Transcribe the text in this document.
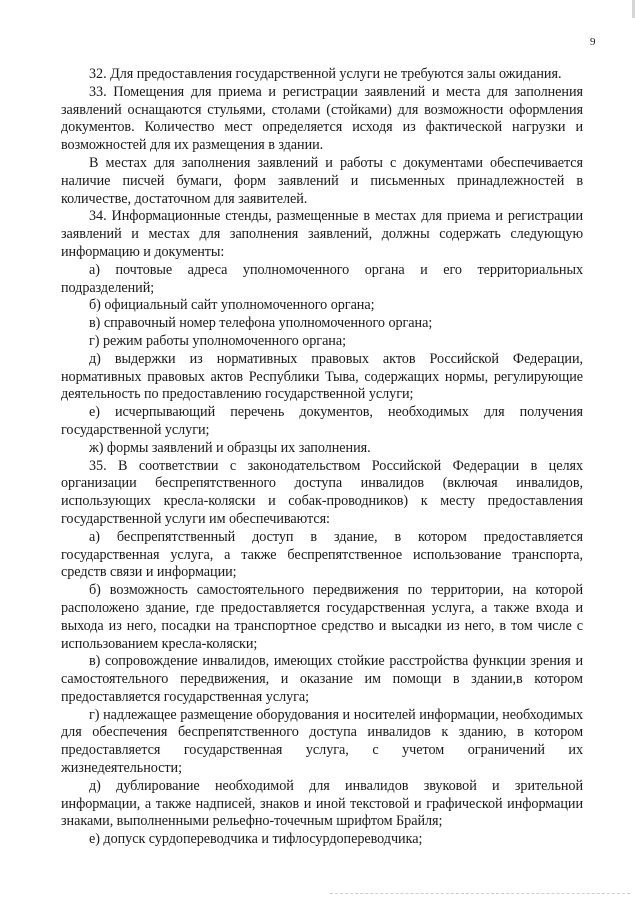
9

32. Для предоставления государственной услуги не требуются залы ожидания.

33. Помещения для приема и регистрации заявлений и места для заполнения заявлений оснащаются стульями, столами (стойками) для возможности оформления документов. Количество мест определяется исходя из фактической нагрузки и возможностей для их размещения в здании.

В местах для заполнения заявлений и работы с документами обеспечивается наличие писчей бумаги, форм заявлений и письменных принадлежностей в количестве, достаточном для заявителей.

34. Информационные стенды, размещенные в местах для приема и регистрации заявлений и местах для заполнения заявлений, должны содержать следующую информацию и документы:

а) почтовые адреса уполномоченного органа и его территориальных подразделений;

б) официальный сайт уполномоченного органа;

в) справочный номер телефона уполномоченного органа;

г) режим работы уполномоченного органа;

д) выдержки из нормативных правовых актов Российской Федерации, нормативных правовых актов Республики Тыва, содержащих нормы, регулирующие деятельность по предоставлению государственной услуги;

е) исчерпывающий перечень документов, необходимых для получения государственной услуги;

ж) формы заявлений и образцы их заполнения.

35. В соответствии с законодательством Российской Федерации в целях организации беспрепятственного доступа инвалидов (включая инвалидов, использующих кресла-коляски и собак-проводников) к месту предоставления государственной услуги им обеспечиваются:

а) беспрепятственный доступ в здание, в котором предоставляется государственная услуга, а также беспрепятственное использование транспорта, средств связи и информации;

б) возможность самостоятельного передвижения по территории, на которой расположено здание, где предоставляется государственная услуга, а также входа и выхода из него, посадки на транспортное средство и высадки из него, в том числе с использованием кресла-коляски;

в) сопровождение инвалидов, имеющих стойкие расстройства функции зрения и самостоятельного передвижения, и оказание им помощи в здании,в котором предоставляется государственная услуга;

г) надлежащее размещение оборудования и носителей информации, необходимых для обеспечения беспрепятственного доступа инвалидов к зданию, в котором предоставляется государственная услуга, с учетом ограничений их жизнедеятельности;

д) дублирование необходимой для инвалидов звуковой и зрительной информации, а также надписей, знаков и иной текстовой и графической информации знаками, выполненными рельефно-точечным шрифтом Брайля;

е) допуск сурдопереводчика и тифлосурдопереводчика;
